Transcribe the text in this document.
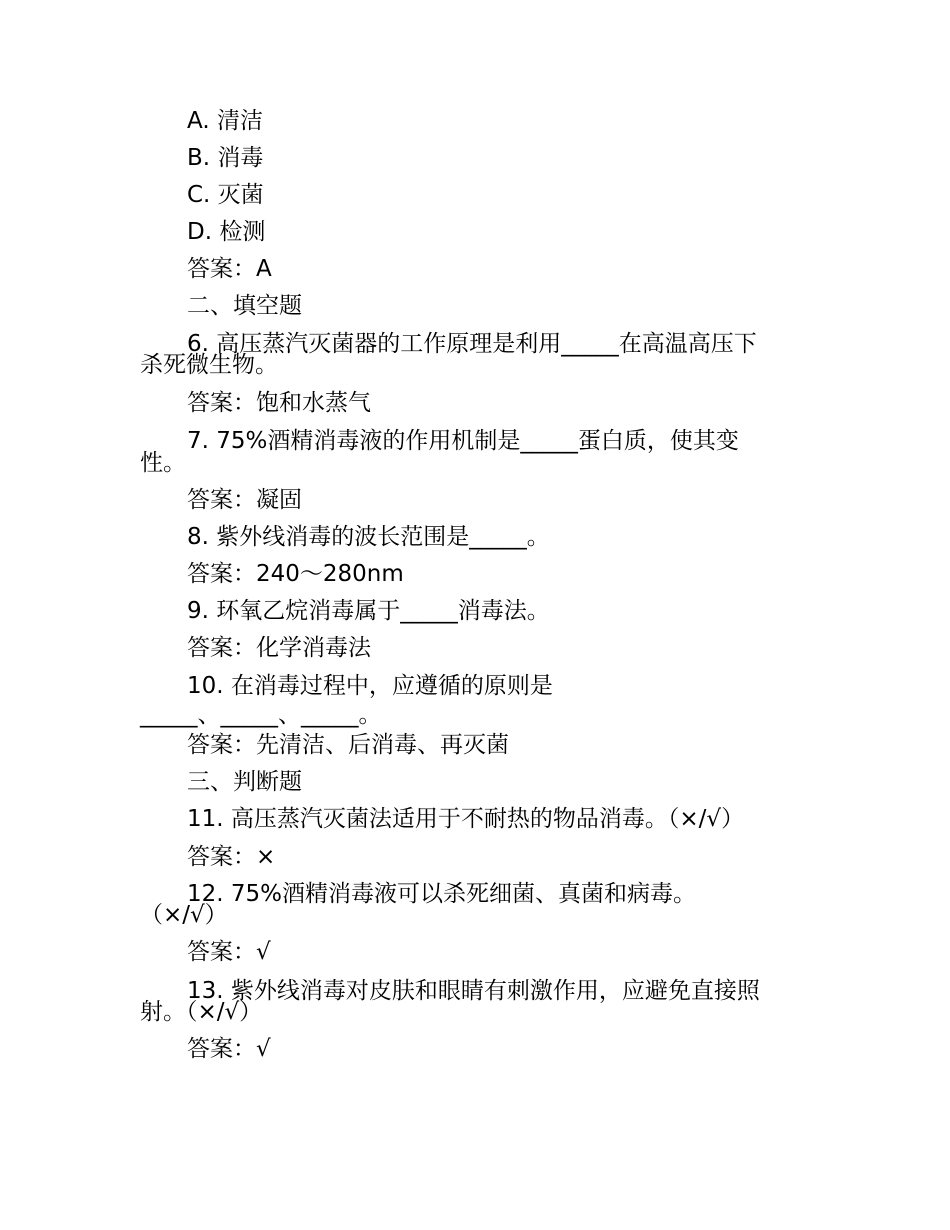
A. 清洁
B. 消毒
C. 灭菌
D. 检测
答案：A
二、填空题
6. 高压蒸汽灭菌器的工作原理是利用_____在高温高压下
杀死微生物。
答案：饱和水蒸气
7. 75%酒精消毒液的作用机制是_____蛋白质，使其变
性。
答案：凝固
8. 紫外线消毒的波长范围是_____。
答案：240～280nm
9. 环氧乙烷消毒属于_____消毒法。
答案：化学消毒法
10. 在消毒过程中，应遵循的原则是
_____、_____、_____。
答案：先清洁、后消毒、再灭菌
三、判断题
11. 高压蒸汽灭菌法适用于不耐热的物品消毒。（×/√）
答案：×
12. 75%酒精消毒液可以杀死细菌、真菌和病毒。
（×/√）
答案：√
13. 紫外线消毒对皮肤和眼睛有刺激作用，应避免直接照
射。（×/√）
答案：√
